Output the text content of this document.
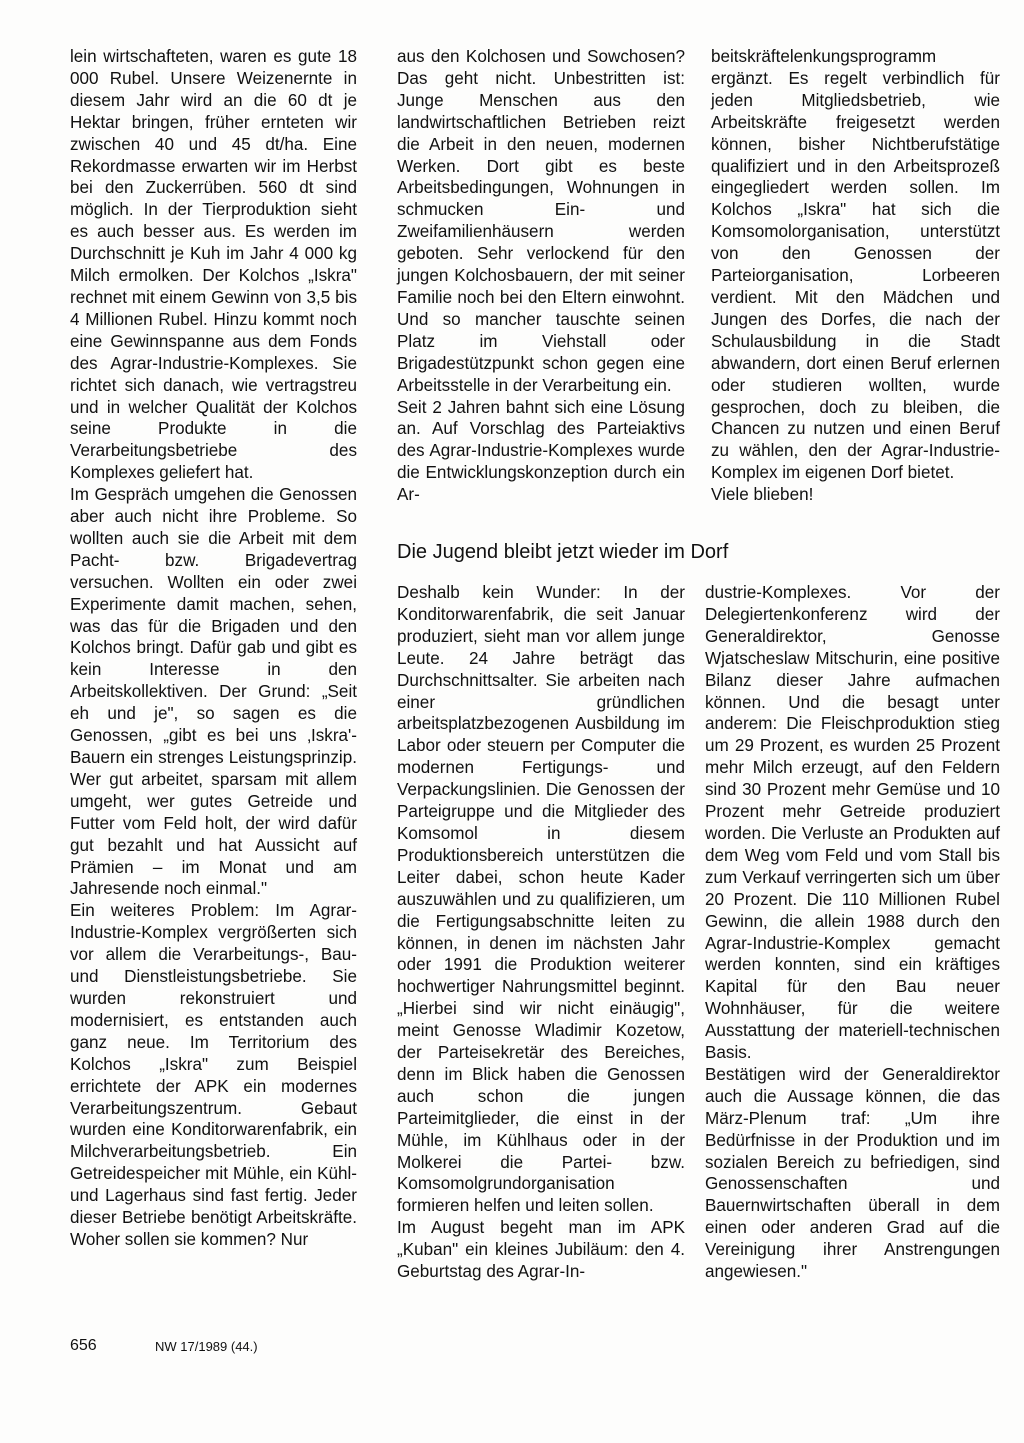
lein wirtschafteten, waren es gute 18 000 Rubel. Unsere Weizenernte in diesem Jahr wird an die 60 dt je Hektar bringen, früher ernteten wir zwischen 40 und 45 dt/ha. Eine Rekordmasse erwarten wir im Herbst bei den Zuckerrüben. 560 dt sind möglich. In der Tierproduktion sieht es auch besser aus. Es werden im Durchschnitt je Kuh im Jahr 4 000 kg Milch ermolken. Der Kolchos „Iskra" rechnet mit einem Gewinn von 3,5 bis 4 Millionen Rubel. Hinzu kommt noch eine Gewinnspanne aus dem Fonds des Agrar-Industrie-Komplexes. Sie richtet sich danach, wie vertragstreu und in welcher Qualität der Kolchos seine Produkte in die Verarbeitungsbetriebe des Komplexes geliefert hat.

Im Gespräch umgehen die Genossen aber auch nicht ihre Probleme. So wollten auch sie die Arbeit mit dem Pacht- bzw. Brigadevertrag versuchen. Wollten ein oder zwei Experimente damit machen, sehen, was das für die Brigaden und den Kolchos bringt. Dafür gab und gibt es kein Interesse in den Arbeitskollektiven. Der Grund: „Seit eh und je", so sagen es die Genossen, „gibt es bei uns ‚Iskra'-Bauern ein strenges Leistungsprinzip. Wer gut arbeitet, sparsam mit allem umgeht, wer gutes Getreide und Futter vom Feld holt, der wird dafür gut bezahlt und hat Aussicht auf Prämien – im Monat und am Jahresende noch einmal."

Ein weiteres Problem: Im Agrar-Industrie-Komplex vergrößerten sich vor allem die Verarbeitungs-, Bau- und Dienstleistungsbetriebe. Sie wurden rekonstruiert und modernisiert, es entstanden auch ganz neue. Im Territorium des Kolchos „Iskra" zum Beispiel errichtete der APK ein modernes Verarbeitungszentrum. Gebaut wurden eine Konditorwarenfabrik, ein Milchverarbeitungsbetrieb. Ein Getreidespeicher mit Mühle, ein Kühl- und Lagerhaus sind fast fertig. Jeder dieser Betriebe benötigt Arbeitskräfte. Woher sollen sie kommen? Nur

aus den Kolchosen und Sowchosen? Das geht nicht. Unbestritten ist: Junge Menschen aus den landwirtschaftlichen Betrieben reizt die Arbeit in den neuen, modernen Werken. Dort gibt es beste Arbeitsbedingungen, Wohnungen in schmucken Ein- und Zweifamilienhäusern werden geboten. Sehr verlockend für den jungen Kolchosbauern, der mit seiner Familie noch bei den Eltern einwohnt. Und so mancher tauschte seinen Platz im Viehstall oder Brigadestützpunkt schon gegen eine Arbeitsstelle in der Verarbeitung ein.

Seit 2 Jahren bahnt sich eine Lösung an. Auf Vorschlag des Parteiaktivs des Agrar-Industrie-Komplexes wurde die Entwicklungskonzeption durch ein Ar-

beitskräftelenkungsprogramm ergänzt. Es regelt verbindlich für jeden Mitgliedsbetrieb, wie Arbeitskräfte freigesetzt werden können, bisher Nichtberufstätige qualifiziert und in den Arbeitsprozeß eingegliedert werden sollen. Im Kolchos „Iskra" hat sich die Komsomolorganisation, unterstützt von den Genossen der Parteiorganisation, Lorbeeren verdient. Mit den Mädchen und Jungen des Dorfes, die nach der Schulausbildung in die Stadt abwandern, dort einen Beruf erlernen oder studieren wollten, wurde gesprochen, doch zu bleiben, die Chancen zu nutzen und einen Beruf zu wählen, den der Agrar-Industrie-Komplex im eigenen Dorf bietet.

Viele blieben!

Die Jugend bleibt jetzt wieder im Dorf

Deshalb kein Wunder: In der Konditorwarenfabrik, die seit Januar produziert, sieht man vor allem junge Leute. 24 Jahre beträgt das Durchschnittsalter. Sie arbeiten nach einer gründlichen arbeitsplatzbezogenen Ausbildung im Labor oder steuern per Computer die modernen Fertigungs- und Verpackungslinien. Die Genossen der Parteigruppe und die Mitglieder des Komsomol in diesem Produktionsbereich unterstützen die Leiter dabei, schon heute Kader auszuwählen und zu qualifizieren, um die Fertigungsabschnitte leiten zu können, in denen im nächsten Jahr oder 1991 die Produktion weiterer hochwertiger Nahrungsmittel beginnt. „Hierbei sind wir nicht einäugig", meint Genosse Wladimir Kozetow, der Parteisekretär des Bereiches, denn im Blick haben die Genossen auch schon die jungen Parteimitglieder, die einst in der Mühle, im Kühlhaus oder in der Molkerei die Partei- bzw. Komsomolgrundorganisation formieren helfen und leiten sollen.

Im August begeht man im APK „Kuban" ein kleines Jubiläum: den 4. Geburtstag des Agrar-In-

dustrie-Komplexes. Vor der Delegiertenkonferenz wird der Generaldirektor, Genosse Wjatscheslaw Mitschurin, eine positive Bilanz dieser Jahre aufmachen können. Und die besagt unter anderem: Die Fleischproduktion stieg um 29 Prozent, es wurden 25 Prozent mehr Milch erzeugt, auf den Feldern sind 30 Prozent mehr Gemüse und 10 Prozent mehr Getreide produziert worden. Die Verluste an Produkten auf dem Weg vom Feld und vom Stall bis zum Verkauf verringerten sich um über 20 Prozent. Die 110 Millionen Rubel Gewinn, die allein 1988 durch den Agrar-Industrie-Komplex gemacht werden konnten, sind ein kräftiges Kapital für den Bau neuer Wohnhäuser, für die weitere Ausstattung der materiell-technischen Basis.

Bestätigen wird der Generaldirektor auch die Aussage können, die das März-Plenum traf: „Um ihre Bedürfnisse in der Produktion und im sozialen Bereich zu befriedigen, sind Genossenschaften und Bauernwirtschaften überall in dem einen oder anderen Grad auf die Vereinigung ihrer Anstrengungen angewiesen."

656	NW 17/1989 (44.)
